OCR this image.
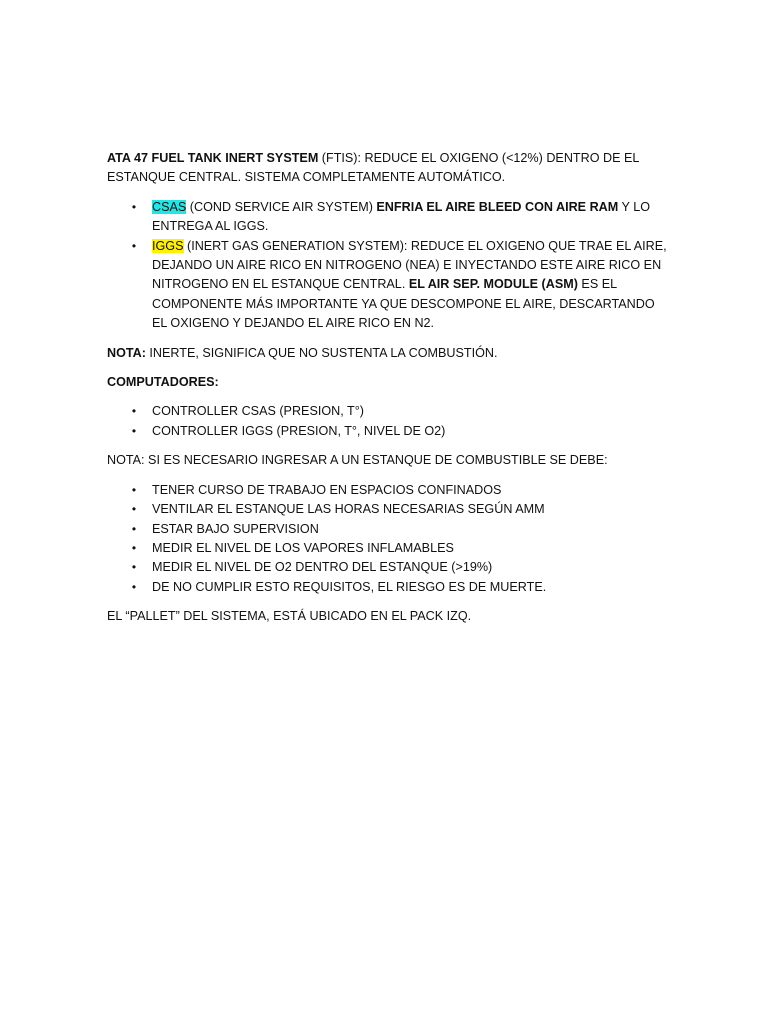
ATA 47 FUEL TANK INERT SYSTEM (FTIS): REDUCE EL OXIGENO (<12%) DENTRO DE EL ESTANQUE CENTRAL. SISTEMA COMPLETAMENTE AUTOMÁTICO.

• CSAS (COND SERVICE AIR SYSTEM) ENFRIA EL AIRE BLEED CON AIRE RAM Y LO ENTREGA AL IGGS.
• IGGS (INERT GAS GENERATION SYSTEM): REDUCE EL OXIGENO QUE TRAE EL AIRE, DEJANDO UN AIRE RICO EN NITROGENO (NEA) E INYECTANDO ESTE AIRE RICO EN NITROGENO EN EL ESTANQUE CENTRAL. EL AIR SEP. MODULE (ASM) ES EL COMPONENTE MÁS IMPORTANTE YA QUE DESCOMPONE EL AIRE, DESCARTANDO EL OXIGENO Y DEJANDO EL AIRE RICO EN N2.

NOTA: INERTE, SIGNIFICA QUE NO SUSTENTA LA COMBUSTIÓN.

COMPUTADORES:

• CONTROLLER CSAS (PRESION, T°)
• CONTROLLER IGGS (PRESION, T°, NIVEL DE O2)

NOTA: SI ES NECESARIO INGRESAR A UN ESTANQUE DE COMBUSTIBLE SE DEBE:

• TENER CURSO DE TRABAJO EN ESPACIOS CONFINADOS
• VENTILAR EL ESTANQUE LAS HORAS NECESARIAS SEGÚN AMM
• ESTAR BAJO SUPERVISION
• MEDIR EL NIVEL DE LOS VAPORES INFLAMABLES
• MEDIR EL NIVEL DE O2 DENTRO DEL ESTANQUE (>19%)
• DE NO CUMPLIR ESTO REQUISITOS, EL RIESGO ES DE MUERTE.

EL “PALLET” DEL SISTEMA, ESTÁ UBICADO EN EL PACK IZQ.
